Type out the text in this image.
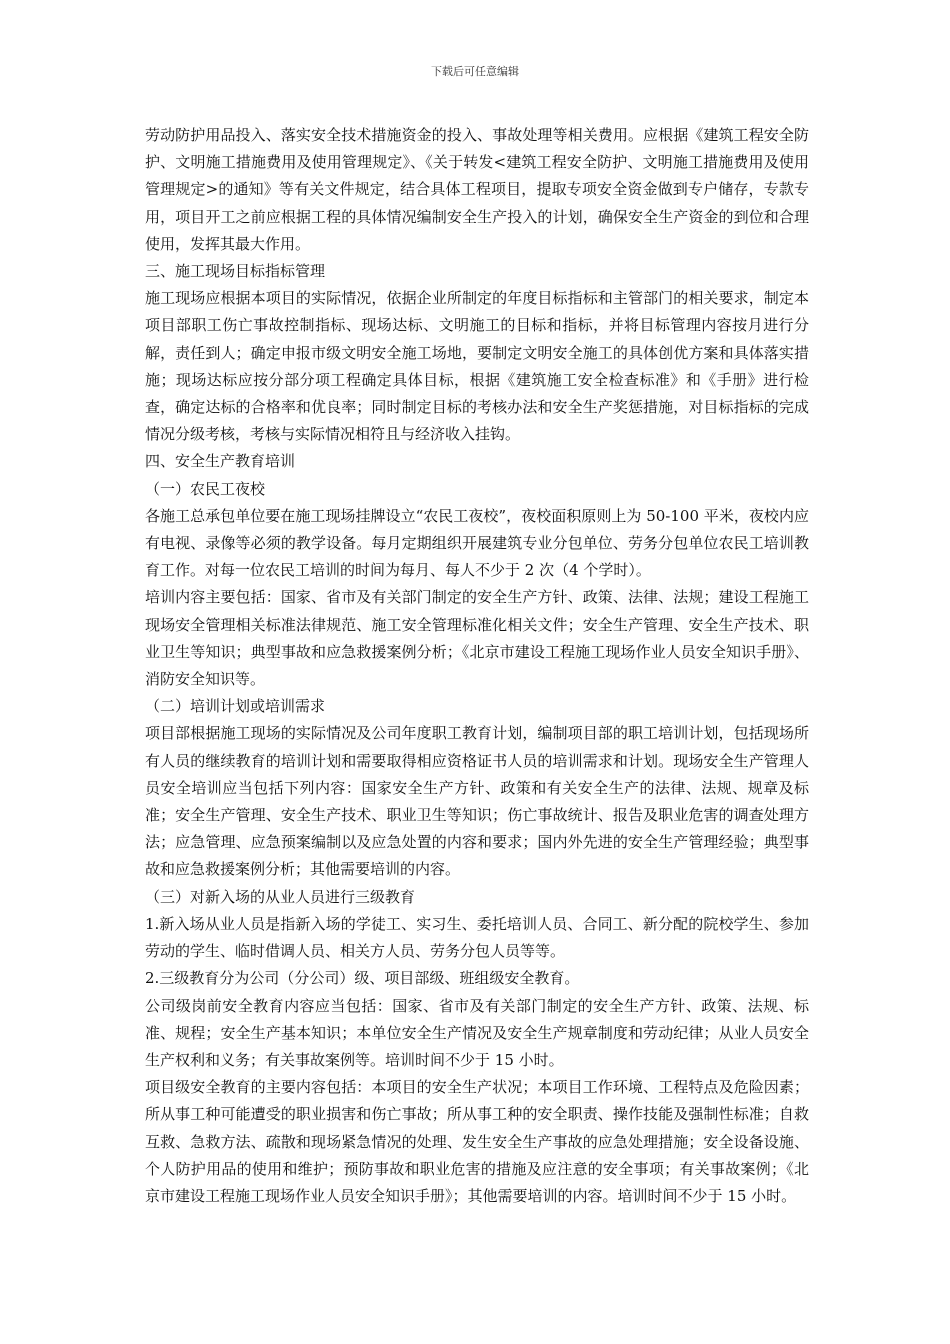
下载后可任意编辑

劳动防护用品投入、落实安全技术措施资金的投入、事故处理等相关费用。应根据《建筑工程安全防护、文明施工措施费用及使用管理规定》、《关于转发<建筑工程安全防护、文明施工措施费用及使用管理规定>的通知》等有关文件规定，结合具体工程项目，提取专项安全资金做到专户储存，专款专用，项目开工之前应根据工程的具体情况编制安全生产投入的计划，确保安全生产资金的到位和合理使用，发挥其最大作用。

三、施工现场目标指标管理

施工现场应根据本项目的实际情况，依据企业所制定的年度目标指标和主管部门的相关要求，制定本项目部职工伤亡事故控制指标、现场达标、文明施工的目标和指标，并将目标管理内容按月进行分解，责任到人；确定申报市级文明安全施工场地，要制定文明安全施工的具体创优方案和具体落实措施；现场达标应按分部分项工程确定具体目标，根据《建筑施工安全检查标准》和《手册》进行检查，确定达标的合格率和优良率；同时制定目标的考核办法和安全生产奖惩措施，对目标指标的完成情况分级考核，考核与实际情况相符且与经济收入挂钩。

四、安全生产教育培训

（一）农民工夜校

各施工总承包单位要在施工现场挂牌设立“农民工夜校”，夜校面积原则上为 50-100 平米，夜校内应有电视、录像等必须的教学设备。每月定期组织开展建筑专业分包单位、劳务分包单位农民工培训教育工作。对每一位农民工培训的时间为每月、每人不少于 2 次（4 个学时）。

培训内容主要包括：国家、省市及有关部门制定的安全生产方针、政策、法律、法规；建设工程施工现场安全管理相关标准法律规范、施工安全管理标准化相关文件；安全生产管理、安全生产技术、职业卫生等知识；典型事故和应急救援案例分析；《北京市建设工程施工现场作业人员安全知识手册》、消防安全知识等。

（二）培训计划或培训需求

项目部根据施工现场的实际情况及公司年度职工教育计划，编制项目部的职工培训计划，包括现场所有人员的继续教育的培训计划和需要取得相应资格证书人员的培训需求和计划。现场安全生产管理人员安全培训应当包括下列内容：国家安全生产方针、政策和有关安全生产的法律、法规、规章及标准；安全生产管理、安全生产技术、职业卫生等知识；伤亡事故统计、报告及职业危害的调查处理方法；应急管理、应急预案编制以及应急处置的内容和要求；国内外先进的安全生产管理经验；典型事故和应急救援案例分析；其他需要培训的内容。

（三）对新入场的从业人员进行三级教育

1.新入场从业人员是指新入场的学徒工、实习生、委托培训人员、合同工、新分配的院校学生、参加劳动的学生、临时借调人员、相关方人员、劳务分包人员等等。

2.三级教育分为公司（分公司）级、项目部级、班组级安全教育。

公司级岗前安全教育内容应当包括：国家、省市及有关部门制定的安全生产方针、政策、法规、标准、规程；安全生产基本知识；本单位安全生产情况及安全生产规章制度和劳动纪律；从业人员安全生产权利和义务；有关事故案例等。培训时间不少于 15 小时。

项目级安全教育的主要内容包括：本项目的安全生产状况；本项目工作环境、工程特点及危险因素；所从事工种可能遭受的职业损害和伤亡事故；所从事工种的安全职责、操作技能及强制性标准；自救互救、急救方法、疏散和现场紧急情况的处理、发生安全生产事故的应急处理措施；安全设备设施、个人防护用品的使用和维护；预防事故和职业危害的措施及应注意的安全事项；有关事故案例；《北京市建设工程施工现场作业人员安全知识手册》；其他需要培训的内容。培训时间不少于 15 小时。
